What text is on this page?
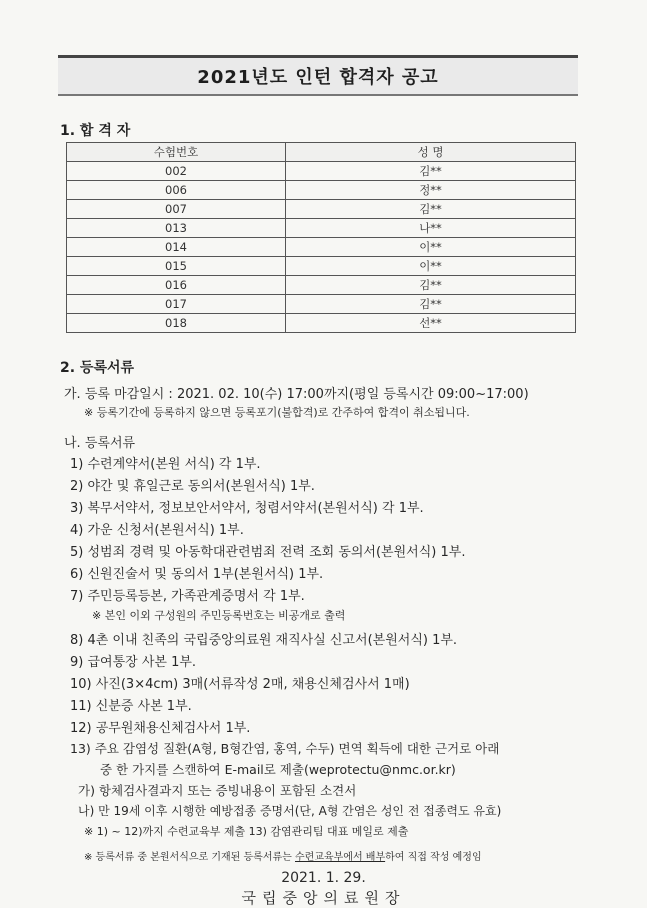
2021년도 인턴 합격자 공고
1. 합 격 자
수험번호	성 명
002	김**
006	정**
007	김**
013	나**
014	이**
015	이**
016	김**
017	김**
018	선**
2. 등록서류
가. 등록 마감일시 : 2021. 02. 10(수) 17:00까지(평일 등록시간 09:00~17:00)
※ 등록기간에 등록하지 않으면 등록포기(불합격)로 간주하여 합격이 취소됩니다.
나. 등록서류
1) 수련계약서(본원 서식) 각 1부.
2) 야간 및 휴일근로 동의서(본원서식) 1부.
3) 복무서약서, 정보보안서약서, 청렴서약서(본원서식) 각 1부.
4) 가운 신청서(본원서식) 1부.
5) 성범죄 경력 및 아동학대관련범죄 전력 조회 동의서(본원서식) 1부.
6) 신원진술서 및 동의서 1부(본원서식) 1부.
7) 주민등록등본, 가족관계증명서 각 1부.
※ 본인 이외 구성원의 주민등록번호는 비공개로 출력
8) 4촌 이내 친족의 국립중앙의료원 재직사실 신고서(본원서식) 1부.
9) 급여통장 사본 1부.
10) 사진(3×4cm) 3매(서류작성 2매, 채용신체검사서 1매)
11) 신분증 사본 1부.
12) 공무원채용신체검사서 1부.
13) 주요 감염성 질환(A형, B형간염, 홍역, 수두) 면역 획득에 대한 근거로 아래
중 한 가지를 스캔하여 E-mail로 제출(weprotectu@nmc.or.kr)
가) 항체검사결과지 또는 증빙내용이 포함된 소견서
나) 만 19세 이후 시행한 예방접종 증명서(단, A형 간염은 성인 전 접종력도 유효)
※ 1) ~ 12)까지 수련교육부 제출 13) 감염관리팀 대표 메일로 제출
※ 등록서류 중 본원서식으로 기재된 등록서류는 수련교육부에서 배부하여 직접 작성 예정임
2021. 1. 29.
국립중앙의료원장
